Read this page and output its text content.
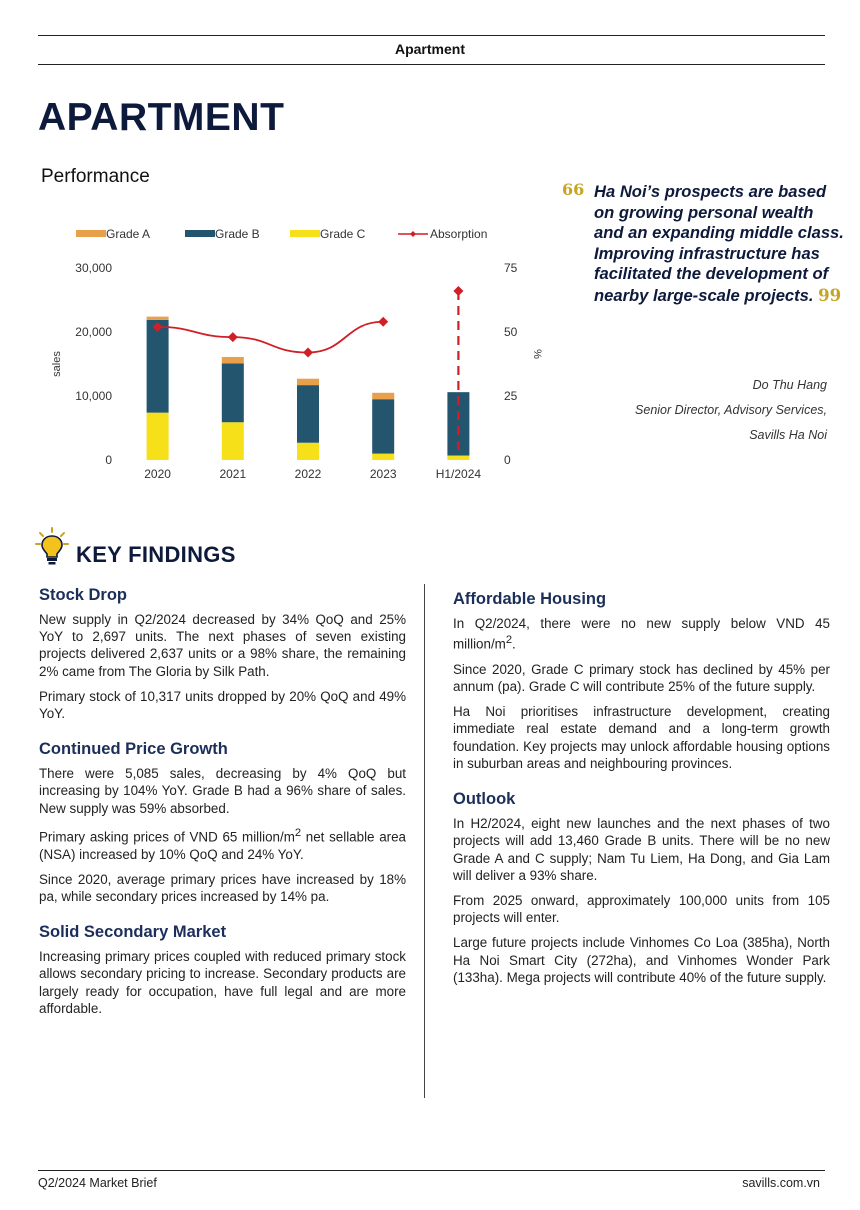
Apartment
APARTMENT
Performance
Grade A	Grade B	Grade C	Absorption
0
10,000
20,000
30,000
0
25
50
75
sales	%
2020	2021	2022	2023	H1/2024
66 Ha Noi’s prospects are based on growing personal wealth and an expanding middle class. Improving infrastructure has facilitated the development of nearby large-scale projects. 99
Do Thu Hang
Senior Director, Advisory Services,
Savills Ha Noi
KEY FINDINGS
Stock Drop
New supply in Q2/2024 decreased by 34% QoQ and 25% YoY to 2,697 units. The next phases of seven existing projects delivered 2,637 units or a 98% share, the remaining 2% came from The Gloria by Silk Path.
Primary stock of 10,317 units dropped by 20% QoQ and 49% YoY.
Continued Price Growth
There were 5,085 sales, decreasing by 4% QoQ but increasing by 104% YoY. Grade B had a 96% share of sales. New supply was 59% absorbed.
Primary asking prices of VND 65 million/$m^2$ net sellable area (NSA) increased by 10% QoQ and 24% YoY.
Since 2020, average primary prices have increased by 18% pa, while secondary prices increased by 14% pa.
Solid Secondary Market
Increasing primary prices coupled with reduced primary stock allows secondary pricing to increase. Secondary products are largely ready for occupation, have full legal and are more affordable.
Affordable Housing
In Q2/2024, there were no new supply below VND 45 million/$m^2$.
Since 2020, Grade C primary stock has declined by 45% per annum (pa). Grade C will contribute 25% of the future supply.
Ha Noi prioritises infrastructure development, creating immediate real estate demand and a long-term growth foundation. Key projects may unlock affordable housing options in suburban areas and neighbouring provinces.
Outlook
In H2/2024, eight new launches and the next phases of two projects will add 13,460 Grade B units. There will be no new Grade A and C supply; Nam Tu Liem, Ha Dong, and Gia Lam will deliver a 93% share.
From 2025 onward, approximately 100,000 units from 105 projects will enter.
Large future projects include Vinhomes Co Loa (385ha), North Ha Noi Smart City (272ha), and Vinhomes Wonder Park (133ha). Mega projects will contribute 40% of the future supply.
Q2/2024 Market Brief	savills.com.vn
